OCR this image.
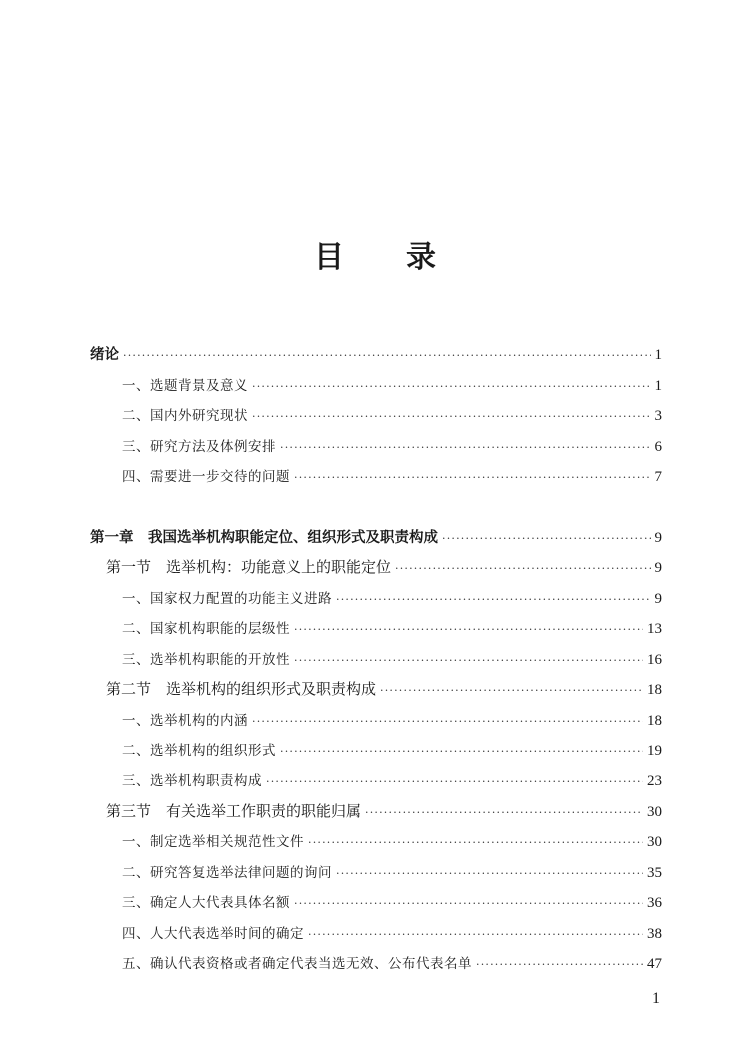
目 录
绪论 ·····	1
一、选题背景及意义 ·····	1
二、国内外研究现状 ·····	3
三、研究方法及体例安排 ·····	6
四、需要进一步交待的问题 ·····	7
第一章　我国选举机构职能定位、组织形式及职责构成 ·····	9
第一节　选举机构：功能意义上的职能定位 ·····	9
一、国家权力配置的功能主义进路 ·····	9
二、国家机构职能的层级性 ·····	13
三、选举机构职能的开放性 ·····	16
第二节　选举机构的组织形式及职责构成 ·····	18
一、选举机构的内涵 ·····	18
二、选举机构的组织形式 ·····	19
三、选举机构职责构成 ·····	23
第三节　有关选举工作职责的职能归属 ·····	30
一、制定选举相关规范性文件 ·····	30
二、研究答复选举法律问题的询问 ·····	35
三、确定人大代表具体名额 ·····	36
四、人大代表选举时间的确定 ·····	38
五、确认代表资格或者确定代表当选无效、公布代表名单 ·····	47
1
